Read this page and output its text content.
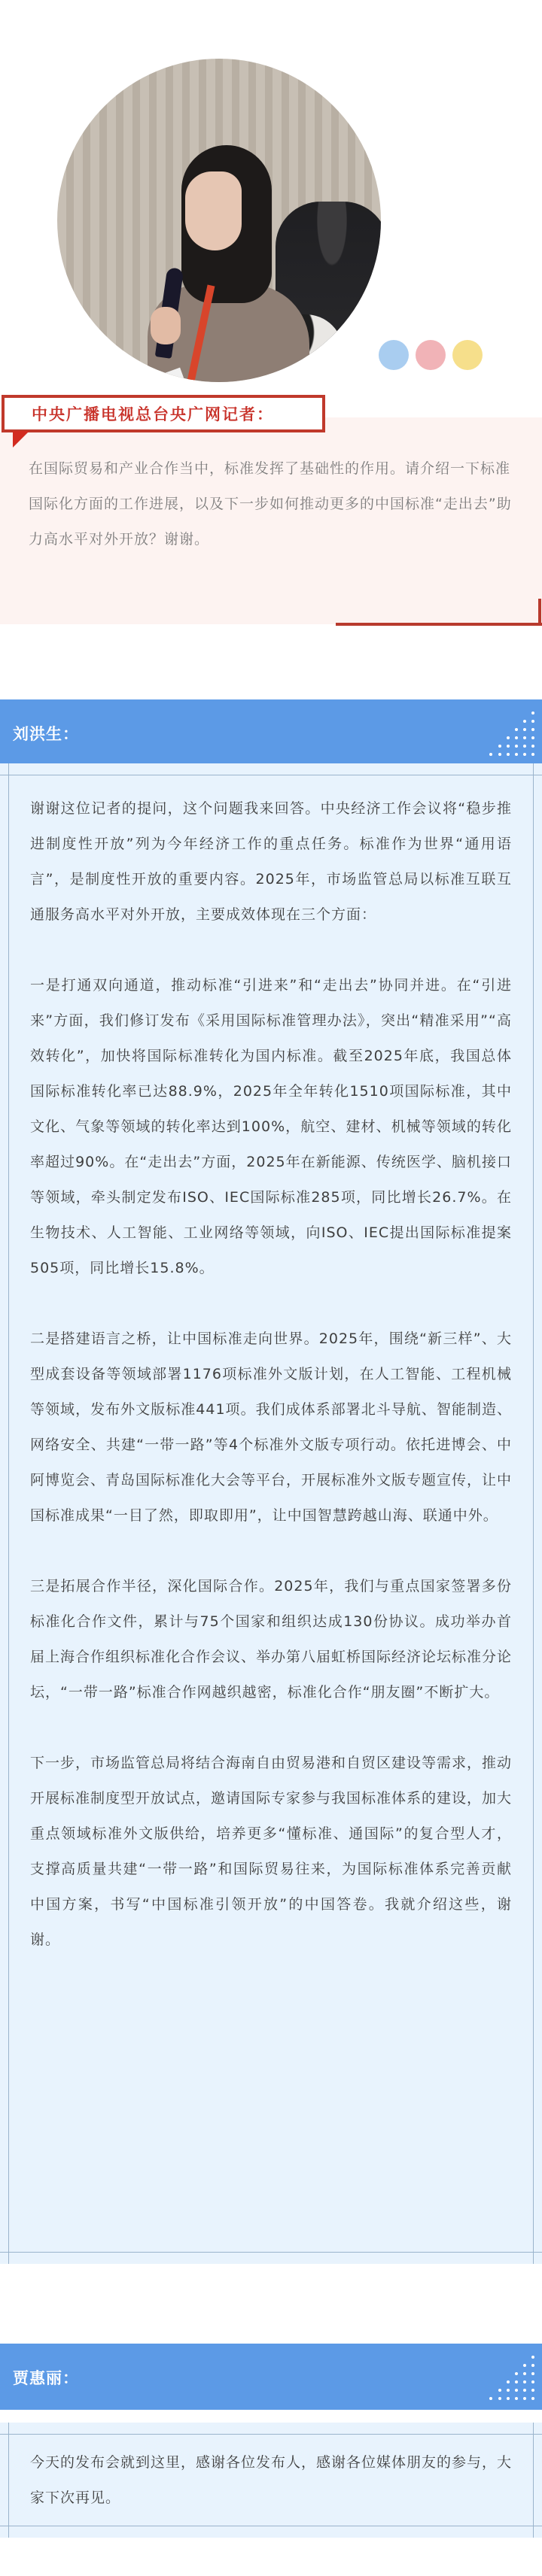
中央广播电视总台央广网记者：
在国际贸易和产业合作当中，标准发挥了基础性的作用。请介绍一下标准国际化方面的工作进展，以及下一步如何推动更多的中国标准“走出去”助力高水平对外开放？谢谢。
刘洪生：

谢谢这位记者的提问，这个问题我来回答。中央经济工作会议将“稳步推进制度性开放”列为今年经济工作的重点任务。标准作为世界“通用语言”，是制度性开放的重要内容。2025年，市场监管总局以标准互联互通服务高水平对外开放，主要成效体现在三个方面：

一是打通双向通道，推动标准“引进来”和“走出去”协同并进。在“引进来”方面，我们修订发布《采用国际标准管理办法》，突出“精准采用”“高效转化”，加快将国际标准转化为国内标准。截至2025年底，我国总体国际标准转化率已达88.9%，2025年全年转化1510项国际标准，其中文化、气象等领域的转化率达到100%，航空、建材、机械等领域的转化率超过90%。在“走出去”方面，2025年在新能源、传统医学、脑机接口等领域，牵头制定发布ISO、IEC国际标准285项，同比增长26.7%。在生物技术、人工智能、工业网络等领域，向ISO、IEC提出国际标准提案505项，同比增长15.8%。

二是搭建语言之桥，让中国标准走向世界。2025年，围绕“新三样”、大型成套设备等领域部署1176项标准外文版计划，在人工智能、工程机械等领域，发布外文版标准441项。我们成体系部署北斗导航、智能制造、网络安全、共建“一带一路”等4个标准外文版专项行动。依托进博会、中阿博览会、青岛国际标准化大会等平台，开展标准外文版专题宣传，让中国标准成果“一目了然，即取即用”，让中国智慧跨越山海、联通中外。

三是拓展合作半径，深化国际合作。2025年，我们与重点国家签署多份标准化合作文件，累计与75个国家和组织达成130份协议。成功举办首届上海合作组织标准化合作会议、举办第八届虹桥国际经济论坛标准分论坛，“一带一路”标准合作网越织越密，标准化合作“朋友圈”不断扩大。

下一步，市场监管总局将结合海南自由贸易港和自贸区建设等需求，推动开展标准制度型开放试点，邀请国际专家参与我国标准体系的建设，加大重点领域标准外文版供给，培养更多“懂标准、通国际”的复合型人才，支撑高质量共建“一带一路”和国际贸易往来，为国际标准体系完善贡献中国方案，书写“中国标准引领开放”的中国答卷。我就介绍这些，谢谢。

贾惠丽：

今天的发布会就到这里，感谢各位发布人，感谢各位媒体朋友的参与，大家下次再见。
